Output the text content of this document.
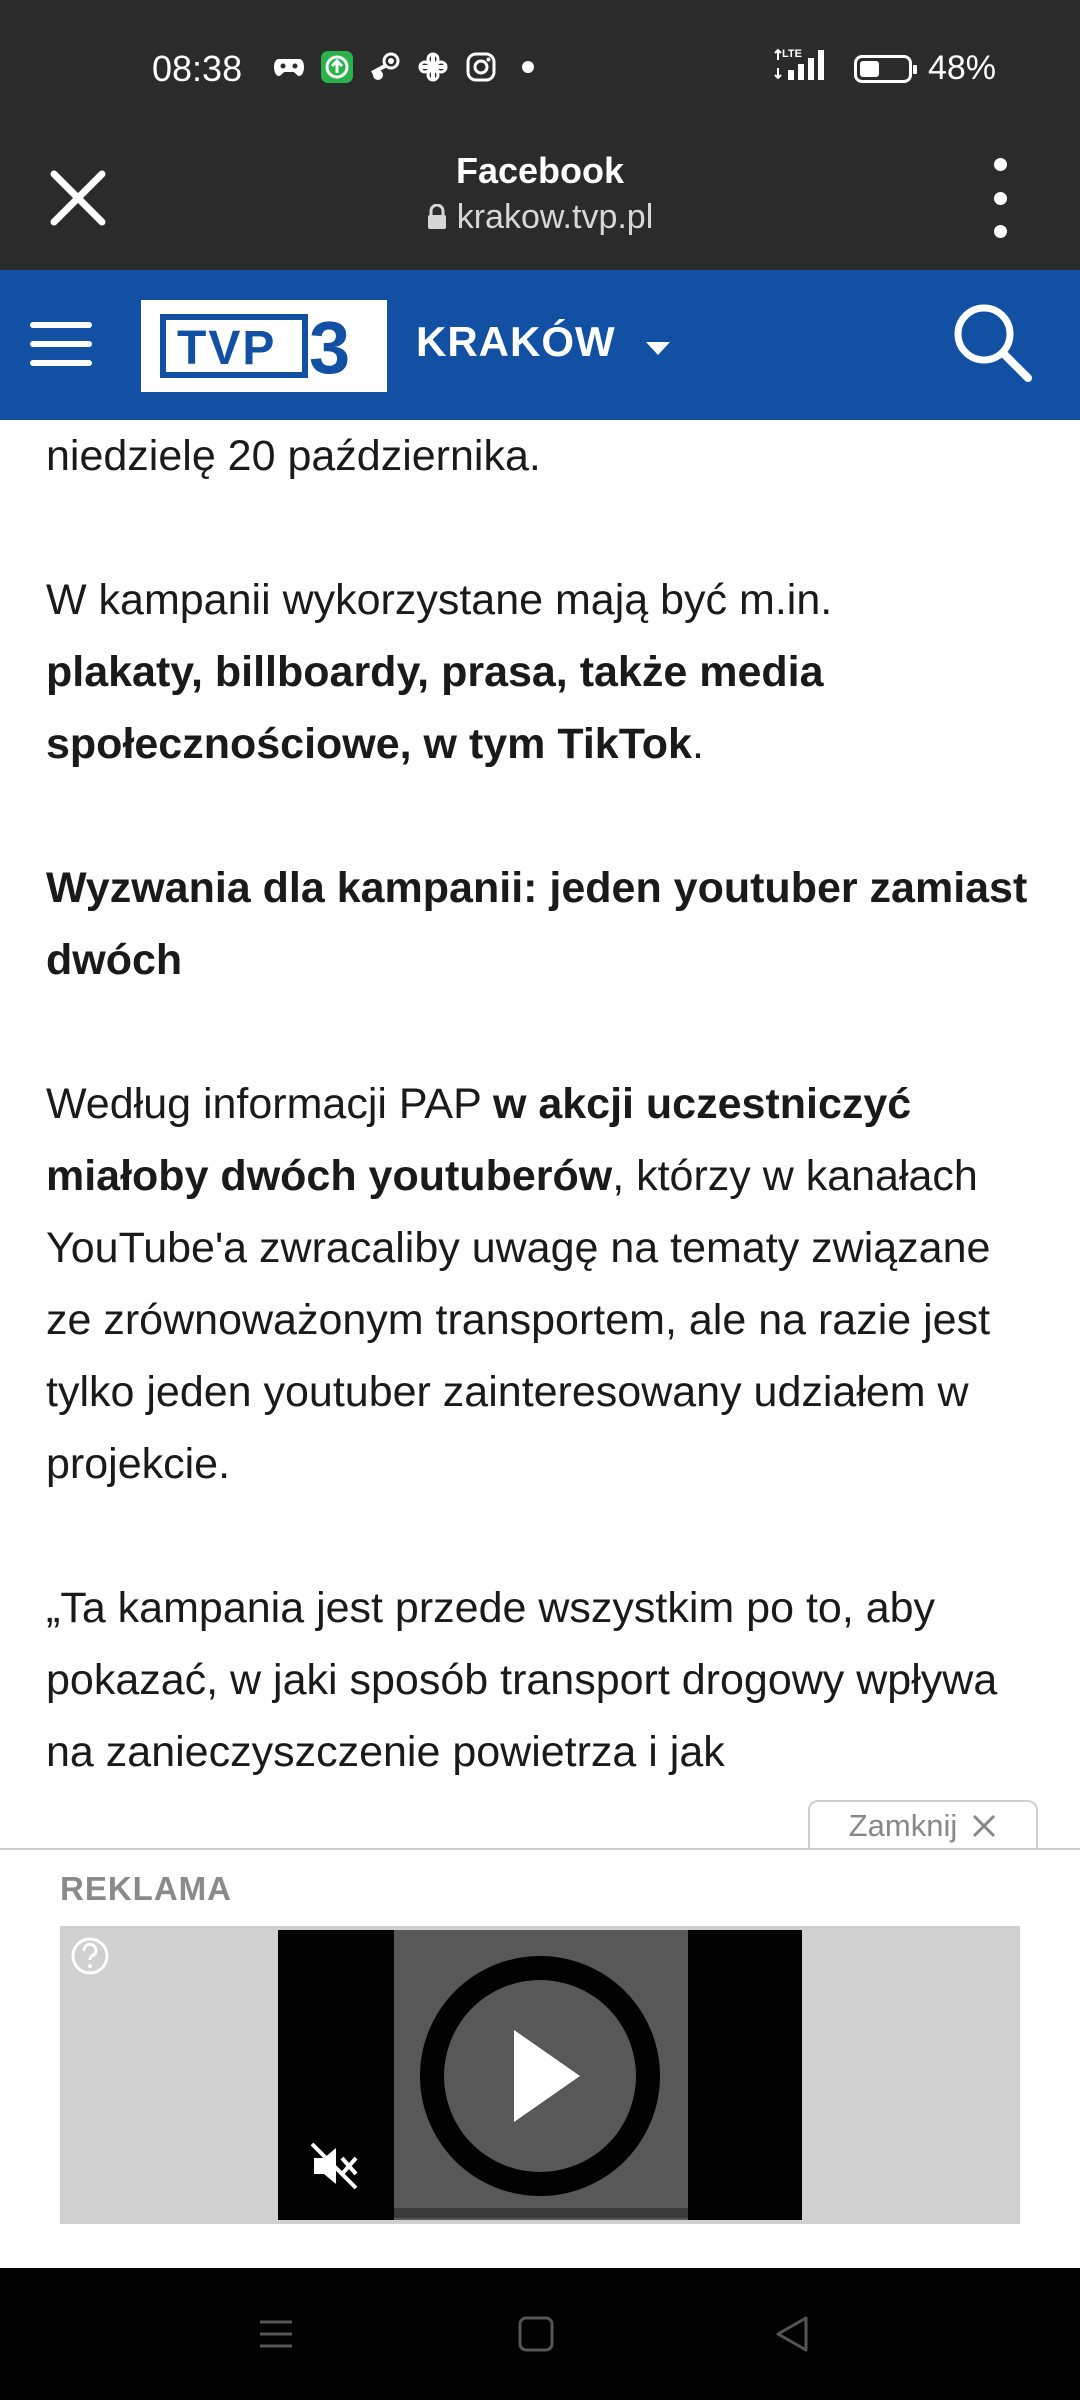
08:38	LTE	48%
Facebook
krakow.tvp.pl
TVP 3 KRAKÓW

niedzielę 20 października.

W kampanii wykorzystane mają być m.in.
plakaty, billboardy, prasa, także media społecznościowe, w tym TikTok.

Wyzwania dla kampanii: jeden youtuber zamiast dwóch

Według informacji PAP w akcji uczestniczyć miałoby dwóch youtuberów, którzy w kanałach YouTube'a zwracaliby uwagę na tematy związane ze zrównoważonym transportem, ale na razie jest tylko jeden youtuber zainteresowany udziałem w projekcie.

„Ta kampania jest przede wszystkim po to, aby pokazać, w jaki sposób transport drogowy wpływa na zanieczyszczenie powietrza i jak

Zamknij
REKLAMA
